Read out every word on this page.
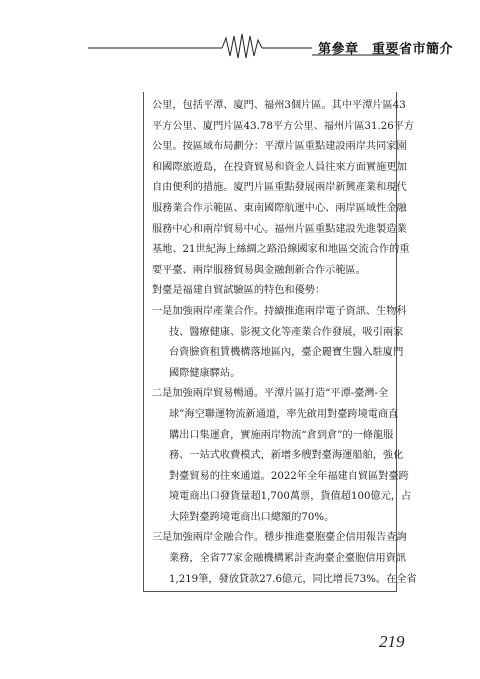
第參章　重要省市簡介
公里，包括平潭、廈門、福州3個片區。其中平潭片區43
平方公里、廈門片區43.78平方公里、福州片區31.26平方
公里。按區域布局劃分：平潭片區重點建設兩岸共同家園
和國際旅遊島，在投資貿易和資金人員往來方面實施更加
自由便利的措施。廈門片區重點發展兩岸新興產業和現代
服務業合作示範區、東南國際航運中心、兩岸區域性金融
服務中心和兩岸貿易中心。福州片區重點建設先進製造業
基地、21世紀海上絲綢之路沿線國家和地區交流合作的重
要平臺、兩岸服務貿易與金融創新合作示範區。
對臺是福建自貿試驗區的特色和優勢：
一是加強兩岸產業合作。持續推進兩岸電子資訊、生物科
技、醫療健康、影視文化等產業合作發展，吸引兩家
台資臉資租賃機構落地區內，臺企麗寶生醫入駐廈門
國際健康驛站。
二是加強兩岸貿易暢通。平潭片區打造“平潭-臺灣-全
球”海空聯運物流新通道，率先啟用對臺跨境電商直
購出口集運倉，實施兩岸物流“倉到倉”的一條龍服
務、一站式收費模式，新增多艘對臺海運船舶，強化
對臺貿易的往來通道。2022年全年福建自貿區對臺跨
境電商出口發貨量超1,700萬票，貨值超100億元，占
大陸對臺跨境電商出口總額的70%。
三是加強兩岸金融合作。穩步推進臺胞臺企信用報告查詢
業務，全省77家金融機構累計查詢臺企臺胞信用資訊
1,219筆，發放貸款27.6億元，同比增長73%。在全省
219
